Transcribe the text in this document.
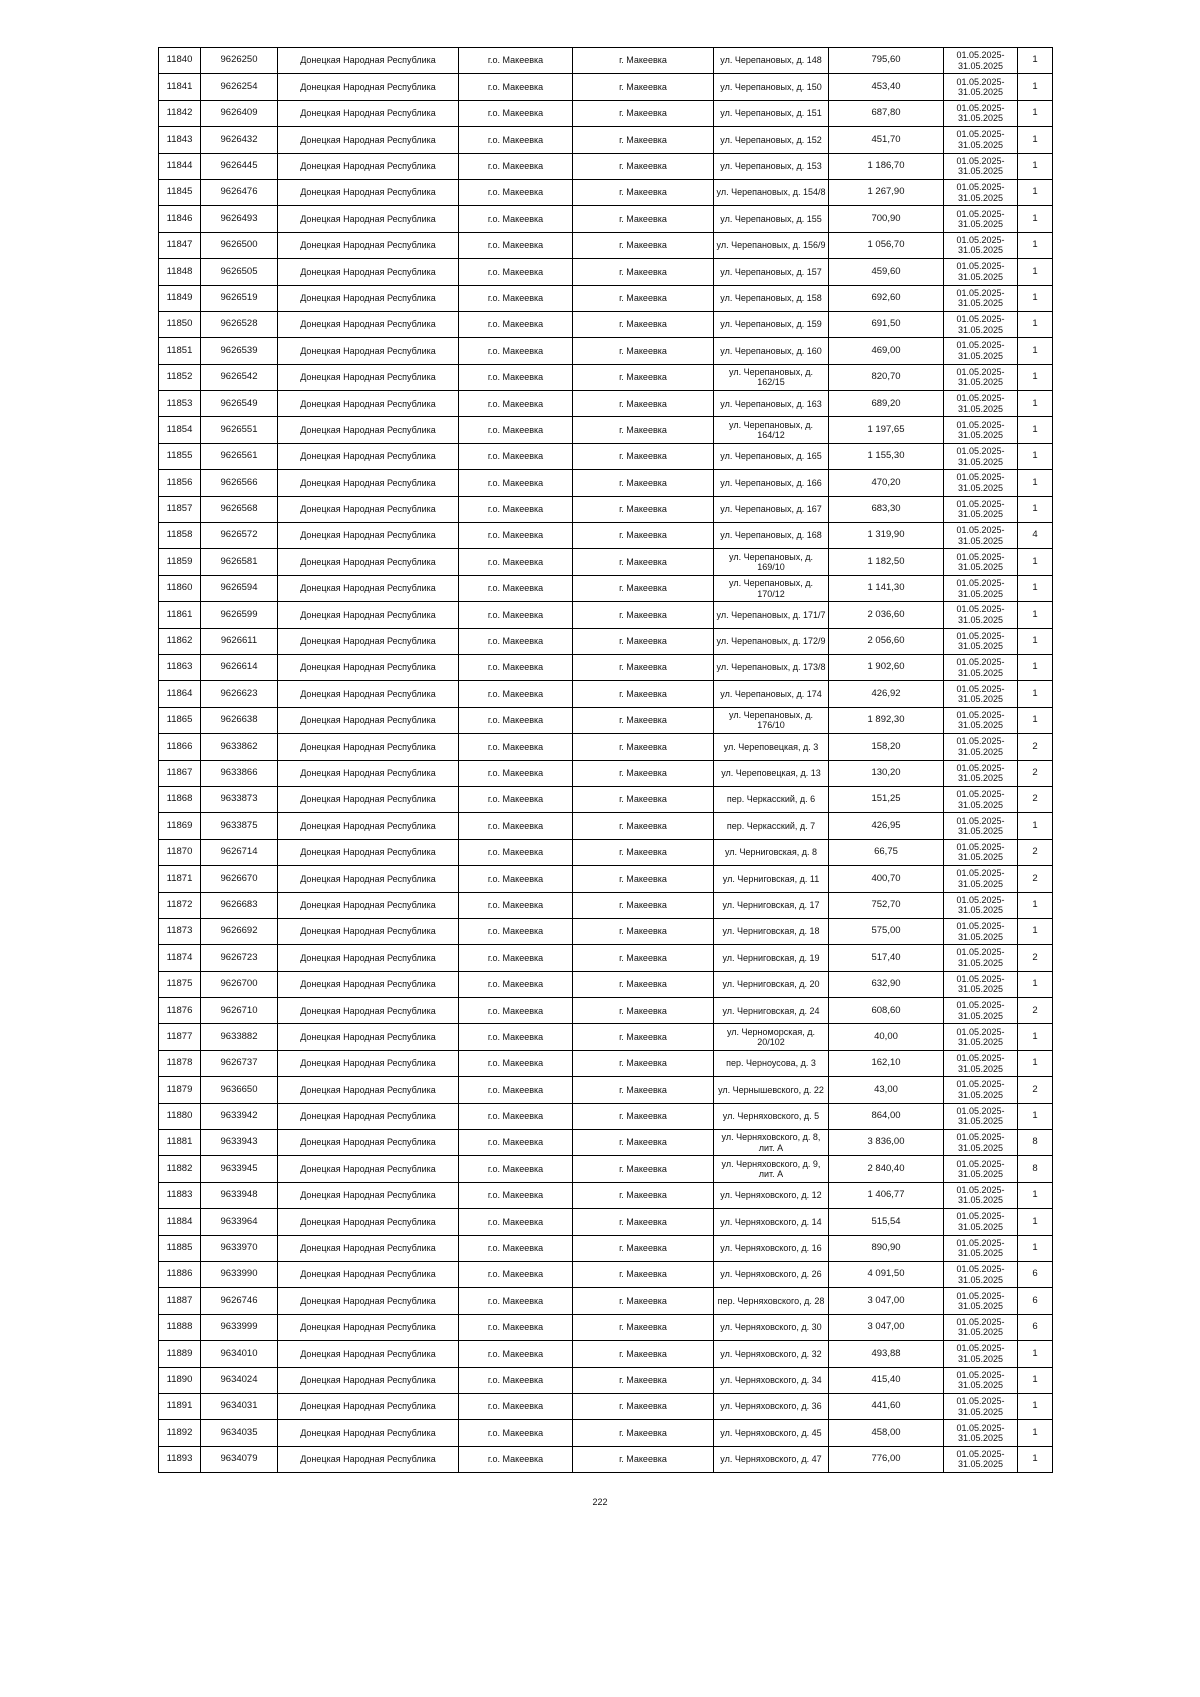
11840	9626250	Донецкая Народная Республика	г.о. Макеевка	г. Макеевка	ул. Черепановых, д. 148	795,60	01.05.2025-
31.05.2025	1
11841	9626254	Донецкая Народная Республика	г.о. Макеевка	г. Макеевка	ул. Черепановых, д. 150	453,40	01.05.2025-
31.05.2025	1
11842	9626409	Донецкая Народная Республика	г.о. Макеевка	г. Макеевка	ул. Черепановых, д. 151	687,80	01.05.2025-
31.05.2025	1
11843	9626432	Донецкая Народная Республика	г.о. Макеевка	г. Макеевка	ул. Черепановых, д. 152	451,70	01.05.2025-
31.05.2025	1
11844	9626445	Донецкая Народная Республика	г.о. Макеевка	г. Макеевка	ул. Черепановых, д. 153	1 186,70	01.05.2025-
31.05.2025	1
11845	9626476	Донецкая Народная Республика	г.о. Макеевка	г. Макеевка	ул. Черепановых, д. 154/8	1 267,90	01.05.2025-
31.05.2025	1
11846	9626493	Донецкая Народная Республика	г.о. Макеевка	г. Макеевка	ул. Черепановых, д. 155	700,90	01.05.2025-
31.05.2025	1
11847	9626500	Донецкая Народная Республика	г.о. Макеевка	г. Макеевка	ул. Черепановых, д. 156/9	1 056,70	01.05.2025-
31.05.2025	1
11848	9626505	Донецкая Народная Республика	г.о. Макеевка	г. Макеевка	ул. Черепановых, д. 157	459,60	01.05.2025-
31.05.2025	1
11849	9626519	Донецкая Народная Республика	г.о. Макеевка	г. Макеевка	ул. Черепановых, д. 158	692,60	01.05.2025-
31.05.2025	1
11850	9626528	Донецкая Народная Республика	г.о. Макеевка	г. Макеевка	ул. Черепановых, д. 159	691,50	01.05.2025-
31.05.2025	1
11851	9626539	Донецкая Народная Республика	г.о. Макеевка	г. Макеевка	ул. Черепановых, д. 160	469,00	01.05.2025-
31.05.2025	1
11852	9626542	Донецкая Народная Республика	г.о. Макеевка	г. Макеевка	ул. Черепановых, д. 162/15	820,70	01.05.2025-
31.05.2025	1
11853	9626549	Донецкая Народная Республика	г.о. Макеевка	г. Макеевка	ул. Черепановых, д. 163	689,20	01.05.2025-
31.05.2025	1
11854	9626551	Донецкая Народная Республика	г.о. Макеевка	г. Макеевка	ул. Черепановых, д. 164/12	1 197,65	01.05.2025-
31.05.2025	1
11855	9626561	Донецкая Народная Республика	г.о. Макеевка	г. Макеевка	ул. Черепановых, д. 165	1 155,30	01.05.2025-
31.05.2025	1
11856	9626566	Донецкая Народная Республика	г.о. Макеевка	г. Макеевка	ул. Черепановых, д. 166	470,20	01.05.2025-
31.05.2025	1
11857	9626568	Донецкая Народная Республика	г.о. Макеевка	г. Макеевка	ул. Черепановых, д. 167	683,30	01.05.2025-
31.05.2025	1
11858	9626572	Донецкая Народная Республика	г.о. Макеевка	г. Макеевка	ул. Черепановых, д. 168	1 319,90	01.05.2025-
31.05.2025	4
11859	9626581	Донецкая Народная Республика	г.о. Макеевка	г. Макеевка	ул. Черепановых, д. 169/10	1 182,50	01.05.2025-
31.05.2025	1
11860	9626594	Донецкая Народная Республика	г.о. Макеевка	г. Макеевка	ул. Черепановых, д. 170/12	1 141,30	01.05.2025-
31.05.2025	1
11861	9626599	Донецкая Народная Республика	г.о. Макеевка	г. Макеевка	ул. Черепановых, д. 171/7	2 036,60	01.05.2025-
31.05.2025	1
11862	9626611	Донецкая Народная Республика	г.о. Макеевка	г. Макеевка	ул. Черепановых, д. 172/9	2 056,60	01.05.2025-
31.05.2025	1
11863	9626614	Донецкая Народная Республика	г.о. Макеевка	г. Макеевка	ул. Черепановых, д. 173/8	1 902,60	01.05.2025-
31.05.2025	1
11864	9626623	Донецкая Народная Республика	г.о. Макеевка	г. Макеевка	ул. Черепановых, д. 174	426,92	01.05.2025-
31.05.2025	1
11865	9626638	Донецкая Народная Республика	г.о. Макеевка	г. Макеевка	ул. Черепановых, д. 176/10	1 892,30	01.05.2025-
31.05.2025	1
11866	9633862	Донецкая Народная Республика	г.о. Макеевка	г. Макеевка	ул. Череповецкая, д. 3	158,20	01.05.2025-
31.05.2025	2
11867	9633866	Донецкая Народная Республика	г.о. Макеевка	г. Макеевка	ул. Череповецкая, д. 13	130,20	01.05.2025-
31.05.2025	2
11868	9633873	Донецкая Народная Республика	г.о. Макеевка	г. Макеевка	пер. Черкасский, д. 6	151,25	01.05.2025-
31.05.2025	2
11869	9633875	Донецкая Народная Республика	г.о. Макеевка	г. Макеевка	пер. Черкасский, д. 7	426,95	01.05.2025-
31.05.2025	1
11870	9626714	Донецкая Народная Республика	г.о. Макеевка	г. Макеевка	ул. Черниговская, д. 8	66,75	01.05.2025-
31.05.2025	2
11871	9626670	Донецкая Народная Республика	г.о. Макеевка	г. Макеевка	ул. Черниговская, д. 11	400,70	01.05.2025-
31.05.2025	2
11872	9626683	Донецкая Народная Республика	г.о. Макеевка	г. Макеевка	ул. Черниговская, д. 17	752,70	01.05.2025-
31.05.2025	1
11873	9626692	Донецкая Народная Республика	г.о. Макеевка	г. Макеевка	ул. Черниговская, д. 18	575,00	01.05.2025-
31.05.2025	1
11874	9626723	Донецкая Народная Республика	г.о. Макеевка	г. Макеевка	ул. Черниговская, д. 19	517,40	01.05.2025-
31.05.2025	2
11875	9626700	Донецкая Народная Республика	г.о. Макеевка	г. Макеевка	ул. Черниговская, д. 20	632,90	01.05.2025-
31.05.2025	1
11876	9626710	Донецкая Народная Республика	г.о. Макеевка	г. Макеевка	ул. Черниговская, д. 24	608,60	01.05.2025-
31.05.2025	2
11877	9633882	Донецкая Народная Республика	г.о. Макеевка	г. Макеевка	ул. Черноморская, д. 20/102	40,00	01.05.2025-
31.05.2025	1
11878	9626737	Донецкая Народная Республика	г.о. Макеевка	г. Макеевка	пер. Черноусова, д. 3	162,10	01.05.2025-
31.05.2025	1
11879	9636650	Донецкая Народная Республика	г.о. Макеевка	г. Макеевка	ул. Чернышевского, д. 22	43,00	01.05.2025-
31.05.2025	2
11880	9633942	Донецкая Народная Республика	г.о. Макеевка	г. Макеевка	ул. Черняховского, д. 5	864,00	01.05.2025-
31.05.2025	1
11881	9633943	Донецкая Народная Республика	г.о. Макеевка	г. Макеевка	ул. Черняховского, д. 8, лит. А	3 836,00	01.05.2025-
31.05.2025	8
11882	9633945	Донецкая Народная Республика	г.о. Макеевка	г. Макеевка	ул. Черняховского, д. 9, лит. А	2 840,40	01.05.2025-
31.05.2025	8
11883	9633948	Донецкая Народная Республика	г.о. Макеевка	г. Макеевка	ул. Черняховского, д. 12	1 406,77	01.05.2025-
31.05.2025	1
11884	9633964	Донецкая Народная Республика	г.о. Макеевка	г. Макеевка	ул. Черняховского, д. 14	515,54	01.05.2025-
31.05.2025	1
11885	9633970	Донецкая Народная Республика	г.о. Макеевка	г. Макеевка	ул. Черняховского, д. 16	890,90	01.05.2025-
31.05.2025	1
11886	9633990	Донецкая Народная Республика	г.о. Макеевка	г. Макеевка	ул. Черняховского, д. 26	4 091,50	01.05.2025-
31.05.2025	6
11887	9626746	Донецкая Народная Республика	г.о. Макеевка	г. Макеевка	пер. Черняховского, д. 28	3 047,00	01.05.2025-
31.05.2025	6
11888	9633999	Донецкая Народная Республика	г.о. Макеевка	г. Макеевка	ул. Черняховского, д. 30	3 047,00	01.05.2025-
31.05.2025	6
11889	9634010	Донецкая Народная Республика	г.о. Макеевка	г. Макеевка	ул. Черняховского, д. 32	493,88	01.05.2025-
31.05.2025	1
11890	9634024	Донецкая Народная Республика	г.о. Макеевка	г. Макеевка	ул. Черняховского, д. 34	415,40	01.05.2025-
31.05.2025	1
11891	9634031	Донецкая Народная Республика	г.о. Макеевка	г. Макеевка	ул. Черняховского, д. 36	441,60	01.05.2025-
31.05.2025	1
11892	9634035	Донецкая Народная Республика	г.о. Макеевка	г. Макеевка	ул. Черняховского, д. 45	458,00	01.05.2025-
31.05.2025	1
11893	9634079	Донецкая Народная Республика	г.о. Макеевка	г. Макеевка	ул. Черняховского, д. 47	776,00	01.05.2025-
31.05.2025	1
222
